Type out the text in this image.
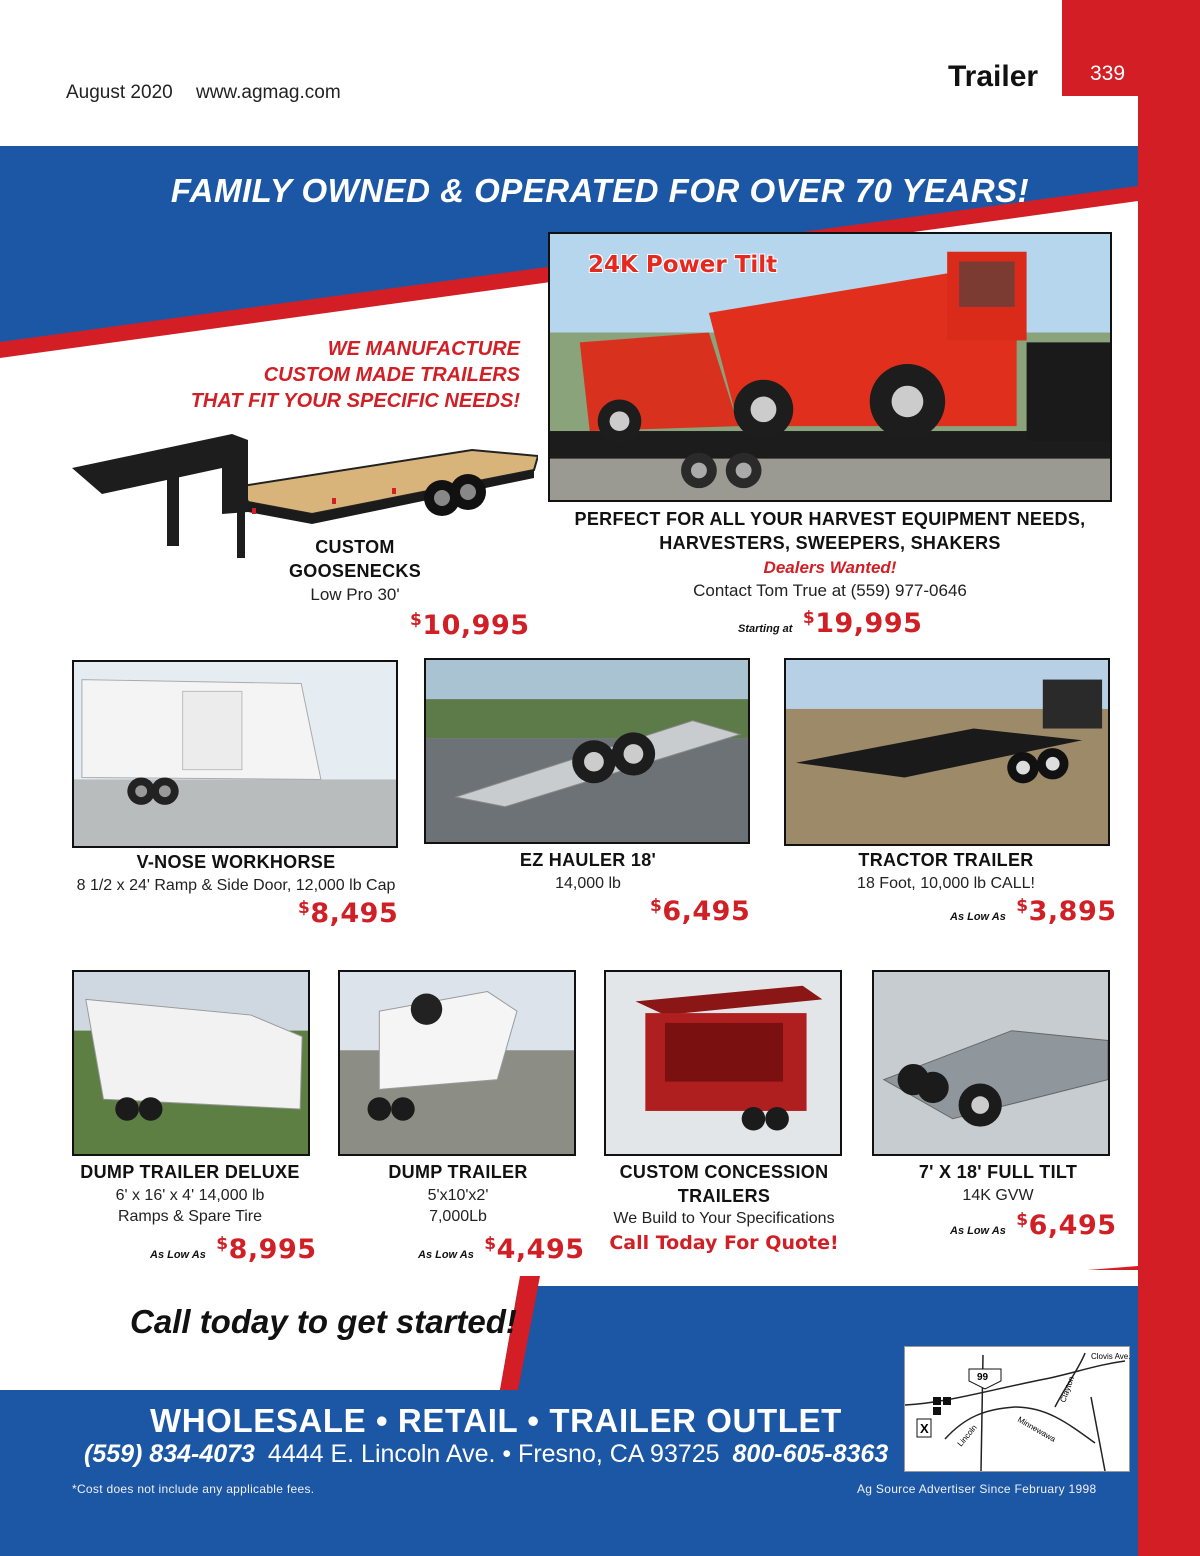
339
August 2020 www.agmag.com	Trailer
FAMILY OWNED & OPERATED FOR OVER 70 YEARS!
WE MANUFACTURE
CUSTOM MADE TRAILERS
THAT FIT YOUR SPECIFIC NEEDS!
CUSTOM
GOOSENECKS
Low Pro 30'
$10,995
24K Power Tilt
PERFECT FOR ALL YOUR HARVEST EQUIPMENT NEEDS,
HARVESTERS, SWEEPERS, SHAKERS
Dealers Wanted!
Contact Tom True at (559) 977-0646
Starting at $19,995
V-NOSE WORKHORSE
8 1/2 x 24' Ramp & Side Door, 12,000 lb Cap
$8,495
EZ HAULER 18'
14,000 lb
$6,495
TRACTOR TRAILER
18 Foot, 10,000 lb CALL!
As Low As $3,895
DUMP TRAILER DELUXE
6' x 16' x 4' 14,000 lb
Ramps & Spare Tire
As Low As $8,995
DUMP TRAILER
5'x10'x2'
7,000Lb
As Low As $4,495
CUSTOM CONCESSION
TRAILERS
We Build to Your Specifications
Call Today For Quote!
7' X 18' FULL TILT
14K GVW
As Low As $6,495
Call today to get started!
99
Clovis Ave.
Clayton
Minnewawa
Lincoln
X
WHOLESALE • RETAIL • TRAILER OUTLET
(559) 834-4073 4444 E. Lincoln Ave. • Fresno, CA 93725 800-605-8363
*Cost does not include any applicable fees.	Ag Source Advertiser Since February 1998
